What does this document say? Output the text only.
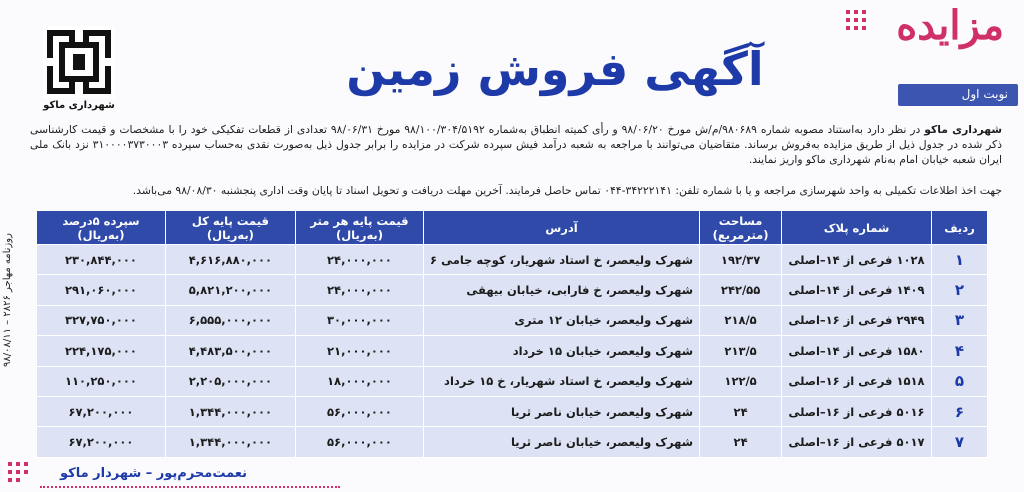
روزنامه مهاجر ۲۸۲۶ – ۹۸/۰۸/۱۱
مزایده
شهرداری ماکو
آگهی فروش زمین	نوبت اول
شهرداری ماکو در نظر دارد به‌استناد مصوبه شماره ۹۸۰۶۸۹/م/ش مورخ ۹۸/۰۶/۲۰ و رأی کمیته انطباق به‌شماره ۹۸/۱۰۰/۳۰۴/۵۱۹۲ مورخ ۹۸/۰۶/۳۱ تعدادی از قطعات تفکیکی خود را با مشخصات و قیمت کارشناسی ذکر شده در جدول ذیل از طریق مزایده به‌فروش برساند. متقاضیان می‌توانند با مراجعه به شعبه درآمد فیش سپرده شرکت در مزایده را برابر جدول ذیل به‌صورت نقدی به‌حساب سپرده ۳۱۰۰۰۰۳۷۳۰۰۰۳ نزد بانک ملی ایران شعبه خیابان امام به‌نام شهرداری ماکو واریز نمایند.
جهت اخذ اطلاعات تکمیلی به واحد شهرسازی مراجعه و یا با شماره تلفن: ۳۴۲۲۲۱۴۱-۰۴۴ تماس حاصل فرمایند. آخرین مهلت دریافت و تحویل اسناد تا پایان وقت اداری پنجشنبه ۹۸/۰۸/۳۰ می‌باشد.
ردیف	شماره پلاک	مساحت (مترمربع)	آدرس	قیمت پایه هر متر (به‌ریال)	قیمت پایه کل (به‌ریال)	سپرده ۵درصد (به‌ریال)
۱	۱۰۲۸ فرعی از ۱۴–اصلی	۱۹۲/۳۷	شهرک ولیعصر، خ استاد شهریار، کوچه جامی ۶	۲۴,۰۰۰,۰۰۰	۴,۶۱۶,۸۸۰,۰۰۰	۲۳۰,۸۴۴,۰۰۰
۲	۱۴۰۹ فرعی از ۱۴–اصلی	۲۴۲/۵۵	شهرک ولیعصر، خ فارابی، خیابان بیهقی	۲۴,۰۰۰,۰۰۰	۵,۸۲۱,۲۰۰,۰۰۰	۲۹۱,۰۶۰,۰۰۰
۳	۲۹۴۹ فرعی از ۱۶–اصلی	۲۱۸/۵	شهرک ولیعصر، خیابان ۱۲ متری	۳۰,۰۰۰,۰۰۰	۶,۵۵۵,۰۰۰,۰۰۰	۳۲۷,۷۵۰,۰۰۰
۴	۱۵۸۰ فرعی از ۱۴–اصلی	۲۱۳/۵	شهرک ولیعصر، خیابان ۱۵ خرداد	۲۱,۰۰۰,۰۰۰	۴,۴۸۳,۵۰۰,۰۰۰	۲۲۴,۱۷۵,۰۰۰
۵	۱۵۱۸ فرعی از ۱۶–اصلی	۱۲۲/۵	شهرک ولیعصر، خ استاد شهریار، خ ۱۵ خرداد	۱۸,۰۰۰,۰۰۰	۲,۲۰۵,۰۰۰,۰۰۰	۱۱۰,۲۵۰,۰۰۰
۶	۵۰۱۶ فرعی از ۱۶–اصلی	۲۴	شهرک ولیعصر، خیابان ناصر ثریا	۵۶,۰۰۰,۰۰۰	۱,۳۴۴,۰۰۰,۰۰۰	۶۷,۲۰۰,۰۰۰
۷	۵۰۱۷ فرعی از ۱۶–اصلی	۲۴	شهرک ولیعصر، خیابان ناصر ثریا	۵۶,۰۰۰,۰۰۰	۱,۳۴۴,۰۰۰,۰۰۰	۶۷,۲۰۰,۰۰۰
نعمت‌محرم‌پور – شهردار ماکو
